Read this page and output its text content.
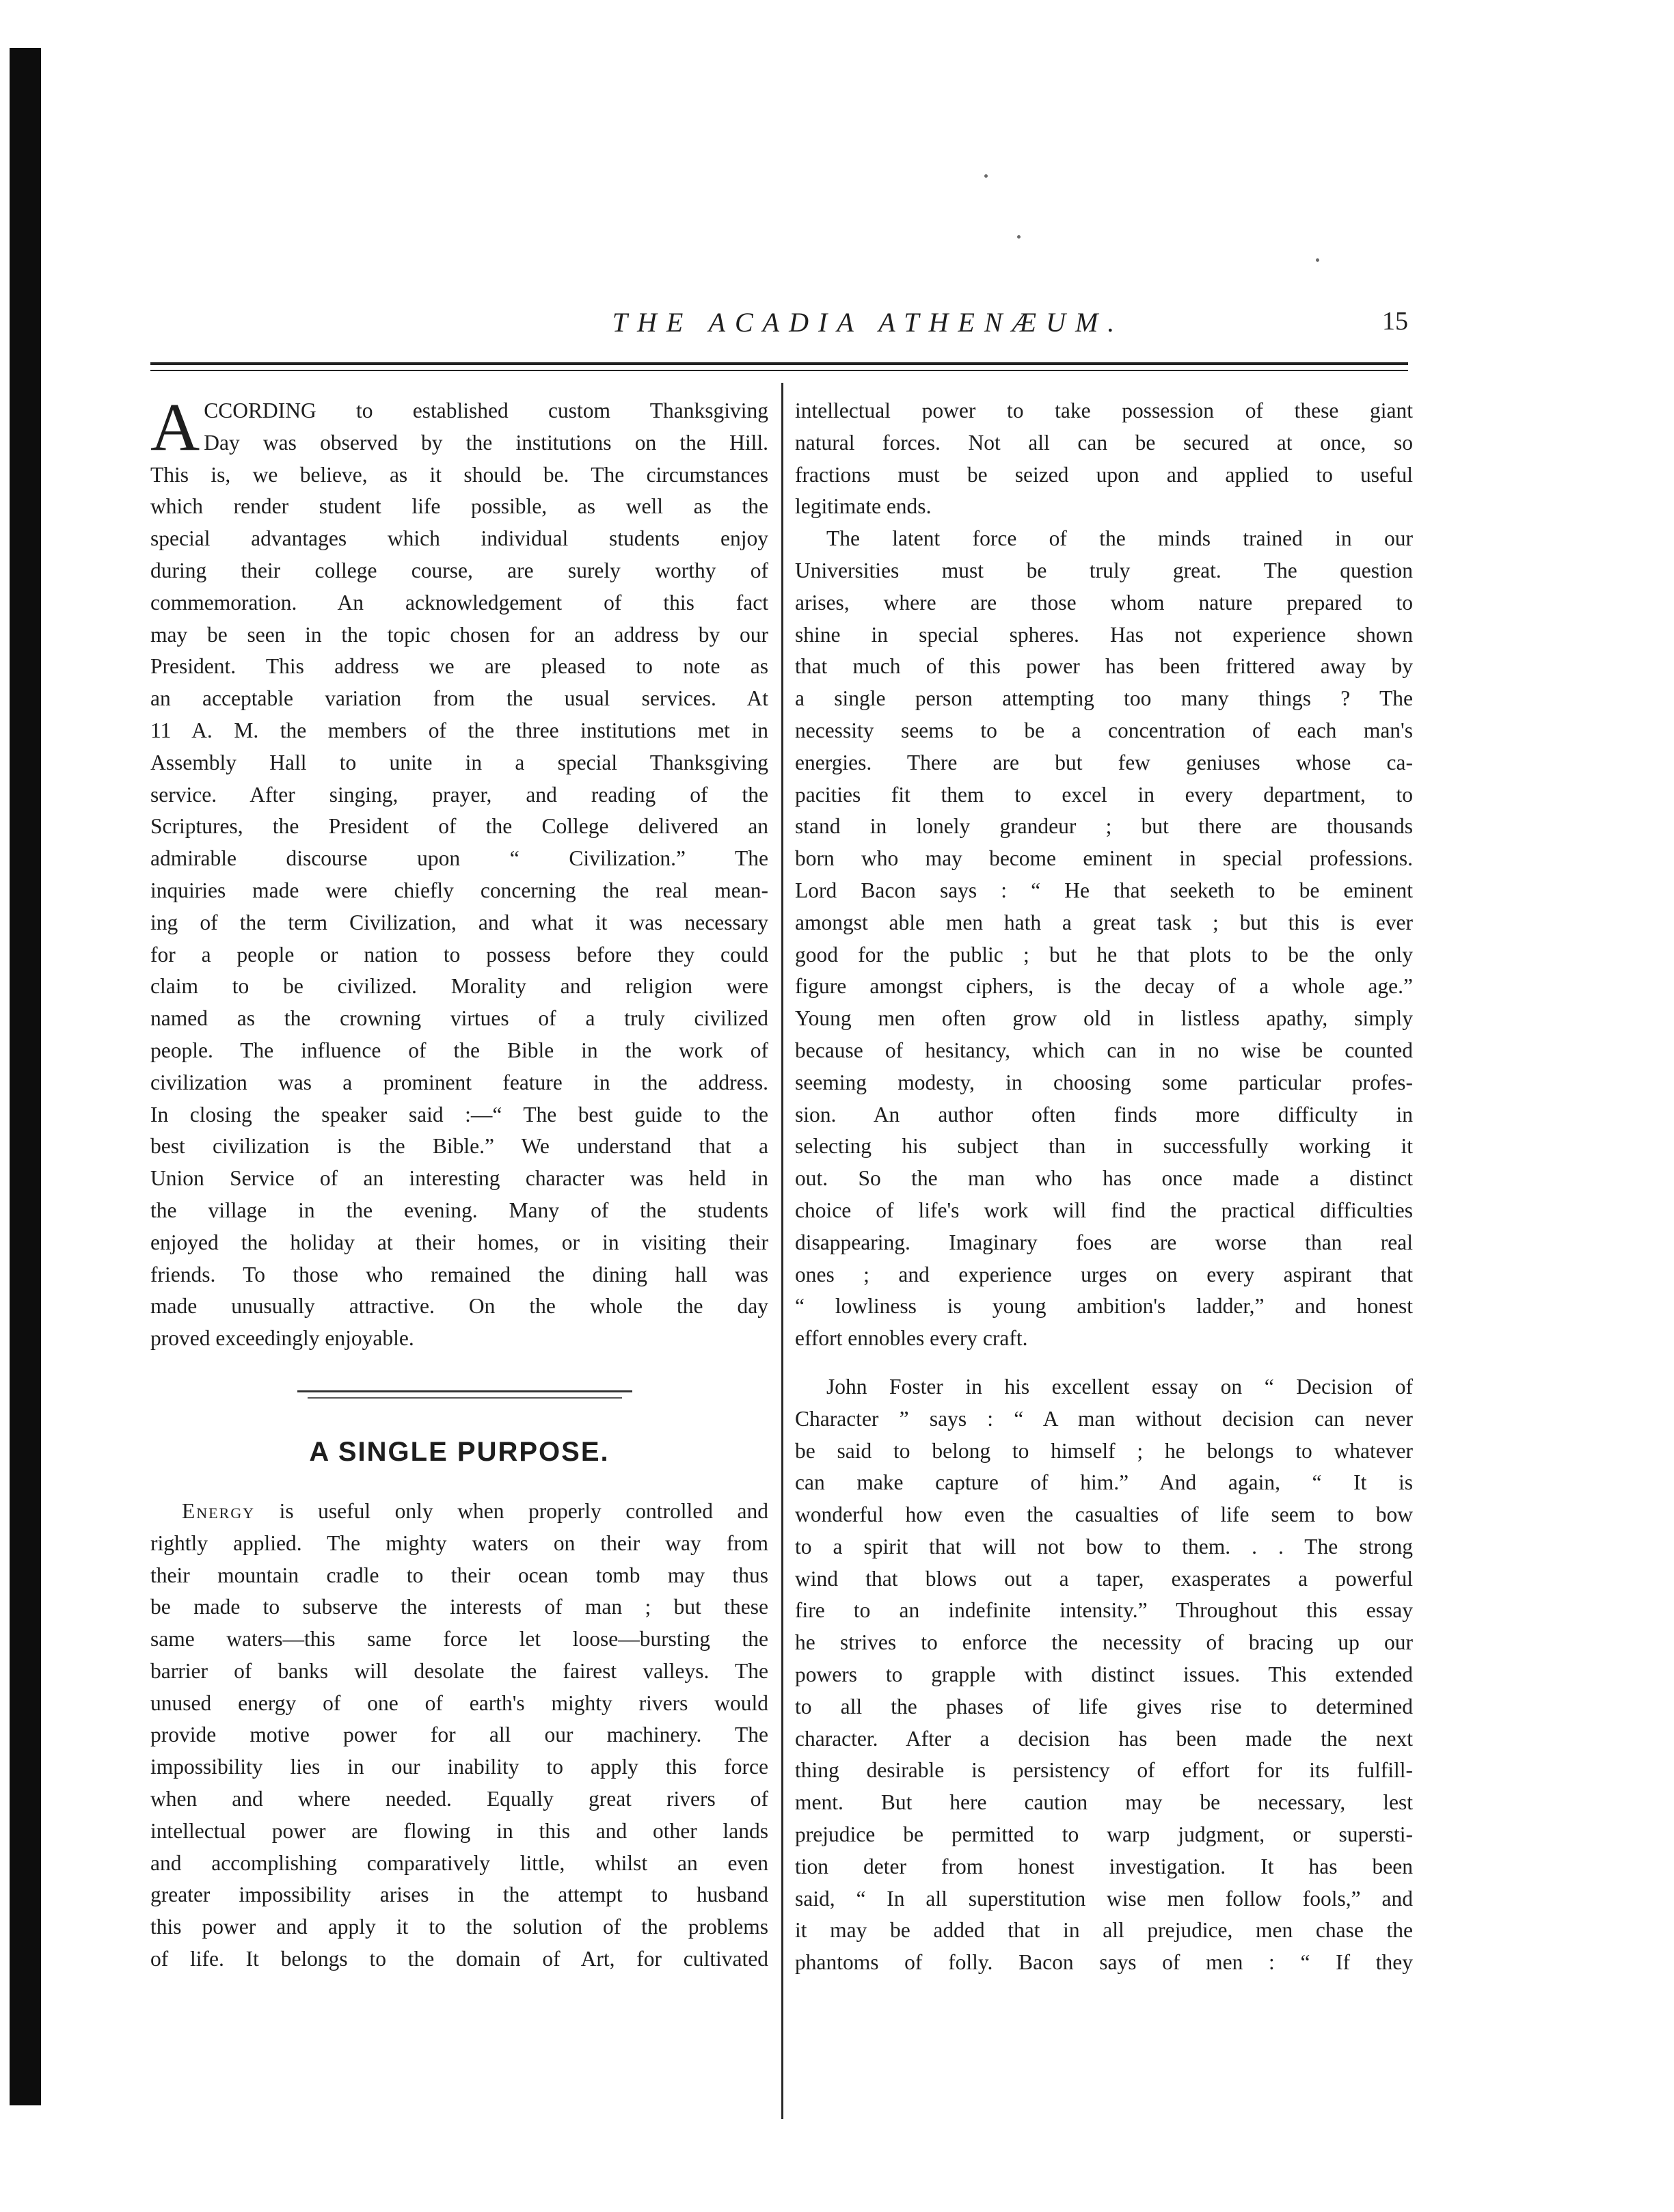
THE ACADIA ATHENÆUM.	15

A CCORDING to established custom Thanksgiving
Day was observed by the institutions on the Hill.
This is, we believe, as it should be. The circumstances
which render student life possible, as well as the
special advantages which individual students enjoy
during their college course, are surely worthy of
commemoration. An acknowledgement of this fact
may be seen in the topic chosen for an address by our
President. This address we are pleased to note as
an acceptable variation from the usual services. At
11 A. M. the members of the three institutions met in
Assembly Hall to unite in a special Thanksgiving
service. After singing, prayer, and reading of the
Scriptures, the President of the College delivered an
admirable discourse upon “ Civilization.” The
inquiries made were chiefly concerning the real mean-
ing of the term Civilization, and what it was necessary
for a people or nation to possess before they could
claim to be civilized. Morality and religion were
named as the crowning virtues of a truly civilized
people. The influence of the Bible in the work of
civilization was a prominent feature in the address.
In closing the speaker said :—“ The best guide to the
best civilization is the Bible.” We understand that a
Union Service of an interesting character was held in
the village in the evening. Many of the students
enjoyed the holiday at their homes, or in visiting their
friends. To those who remained the dining hall was
made unusually attractive. On the whole the day
proved exceedingly enjoyable.

A SINGLE PURPOSE.

Energy is useful only when properly controlled and
rightly applied. The mighty waters on their way from
their mountain cradle to their ocean tomb may thus
be made to subserve the interests of man ; but these
same waters—this same force let loose—bursting the
barrier of banks will desolate the fairest valleys. The
unused energy of one of earth's mighty rivers would
provide motive power for all our machinery. The
impossibility lies in our inability to apply this force
when and where needed. Equally great rivers of
intellectual power are flowing in this and other lands
and accomplishing comparatively little, whilst an even
greater impossibility arises in the attempt to husband
this power and apply it to the solution of the problems
of life. It belongs to the domain of Art, for cultivated

intellectual power to take possession of these giant
natural forces. Not all can be secured at once, so
fractions must be seized upon and applied to useful
legitimate ends.

The latent force of the minds trained in our
Universities must be truly great. The question
arises, where are those whom nature prepared to
shine in special spheres. Has not experience shown
that much of this power has been frittered away by
a single person attempting too many things ? The
necessity seems to be a concentration of each man's
energies. There are but few geniuses whose ca-
pacities fit them to excel in every department, to
stand in lonely grandeur ; but there are thousands
born who may become eminent in special professions.
Lord Bacon says : “ He that seeketh to be eminent
amongst able men hath a great task ; but this is ever
good for the public ; but he that plots to be the only
figure amongst ciphers, is the decay of a whole age.”
Young men often grow old in listless apathy, simply
because of hesitancy, which can in no wise be counted
seeming modesty, in choosing some particular profes-
sion. An author often finds more difficulty in
selecting his subject than in successfully working it
out. So the man who has once made a distinct
choice of life's work will find the practical difficulties
disappearing. Imaginary foes are worse than real
ones ; and experience urges on every aspirant that
“ lowliness is young ambition's ladder,” and honest
effort ennobles every craft.

John Foster in his excellent essay on “ Decision of
Character ” says : “ A man without decision can never
be said to belong to himself ; he belongs to whatever
can make capture of him.” And again, “ It is
wonderful how even the casualties of life seem to bow
to a spirit that will not bow to them. . . The strong
wind that blows out a taper, exasperates a powerful
fire to an indefinite intensity.” Throughout this essay
he strives to enforce the necessity of bracing up our
powers to grapple with distinct issues. This extended
to all the phases of life gives rise to determined
character. After a decision has been made the next
thing desirable is persistency of effort for its fulfill-
ment. But here caution may be necessary, lest
prejudice be permitted to warp judgment, or supersti-
tion deter from honest investigation. It has been
said, “ In all superstitution wise men follow fools,” and
it may be added that in all prejudice, men chase the
phantoms of folly. Bacon says of men : “ If they
